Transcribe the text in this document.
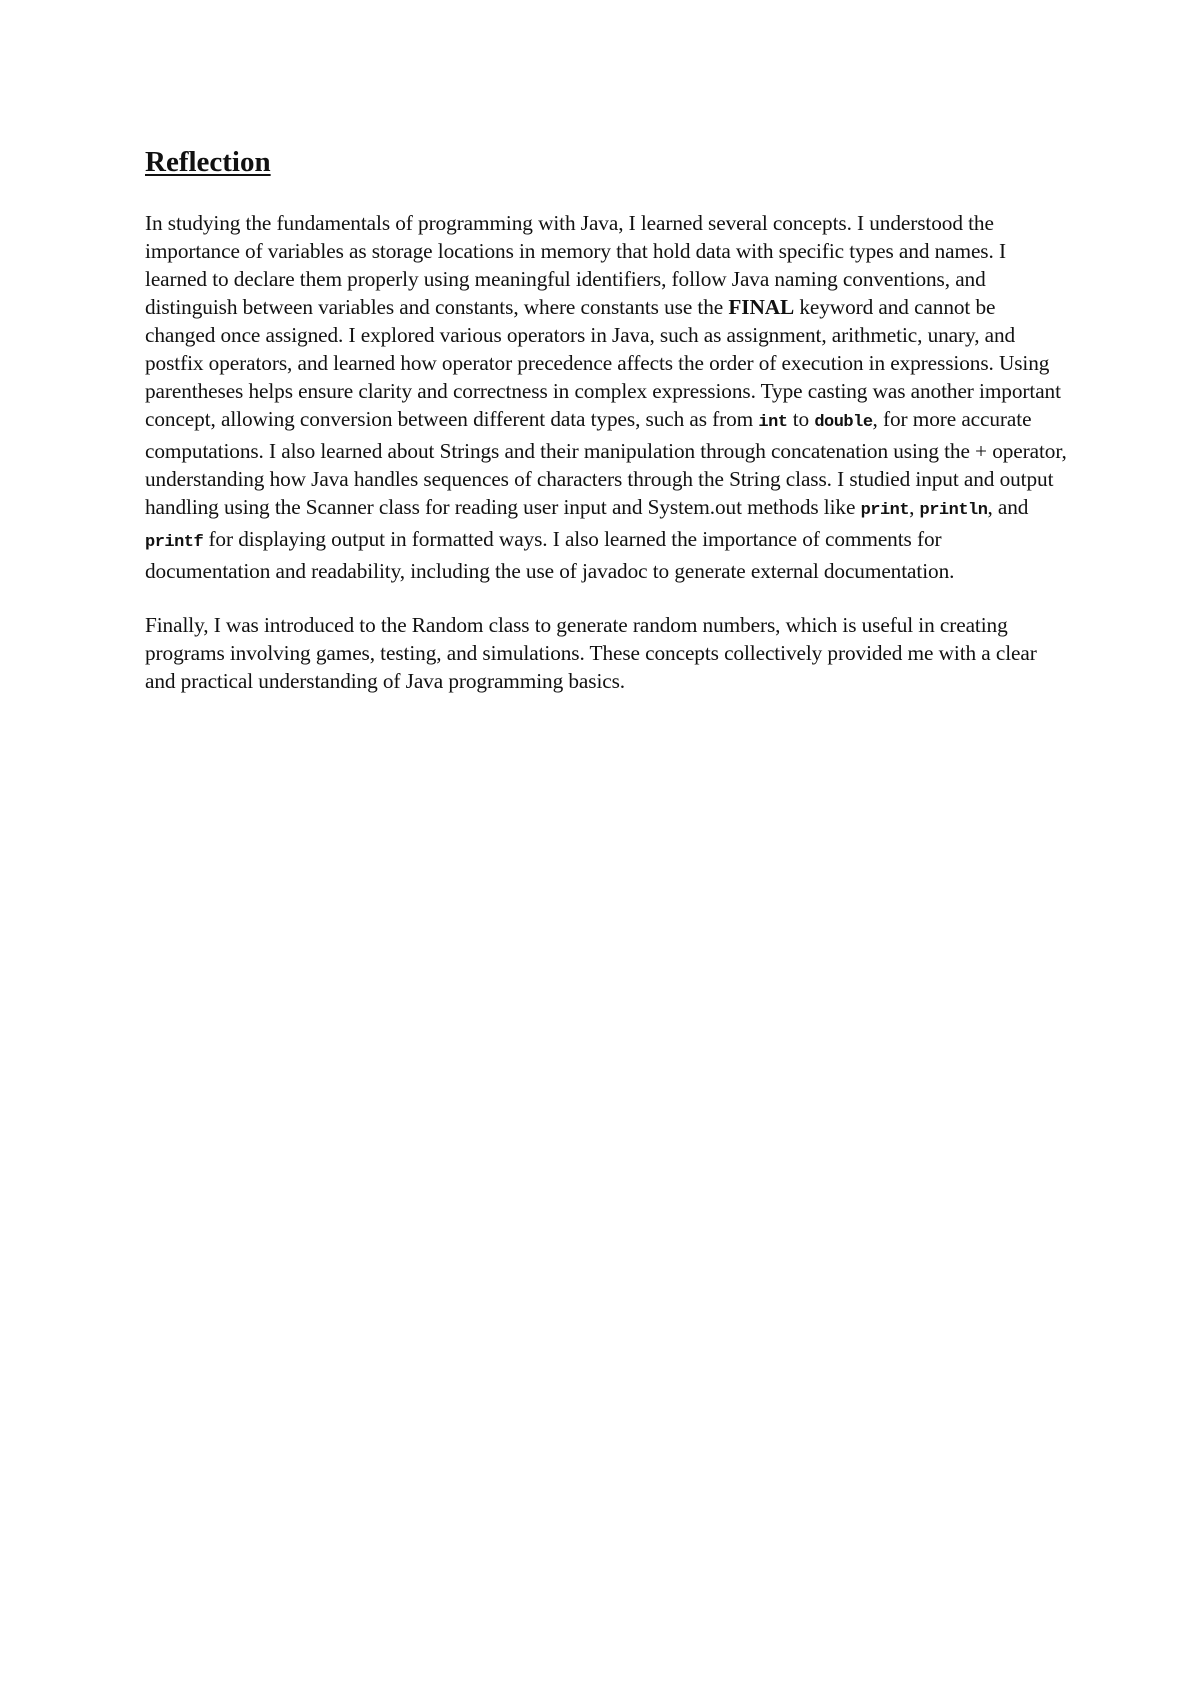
Reflection

In studying the fundamentals of programming with Java, I learned several concepts. I understood the importance of variables as storage locations in memory that hold data with specific types and names. I learned to declare them properly using meaningful identifiers, follow Java naming conventions, and distinguish between variables and constants, where constants use the FINAL keyword and cannot be changed once assigned. I explored various operators in Java, such as assignment, arithmetic, unary, and postfix operators, and learned how operator precedence affects the order of execution in expressions. Using parentheses helps ensure clarity and correctness in complex expressions. Type casting was another important concept, allowing conversion between different data types, such as from int to double, for more accurate computations. I also learned about Strings and their manipulation through concatenation using the + operator, understanding how Java handles sequences of characters through the String class. I studied input and output handling using the Scanner class for reading user input and System.out methods like print, println, and printf for displaying output in formatted ways. I also learned the importance of comments for documentation and readability, including the use of javadoc to generate external documentation.

Finally, I was introduced to the Random class to generate random numbers, which is useful in creating programs involving games, testing, and simulations. These concepts collectively provided me with a clear and practical understanding of Java programming basics.
